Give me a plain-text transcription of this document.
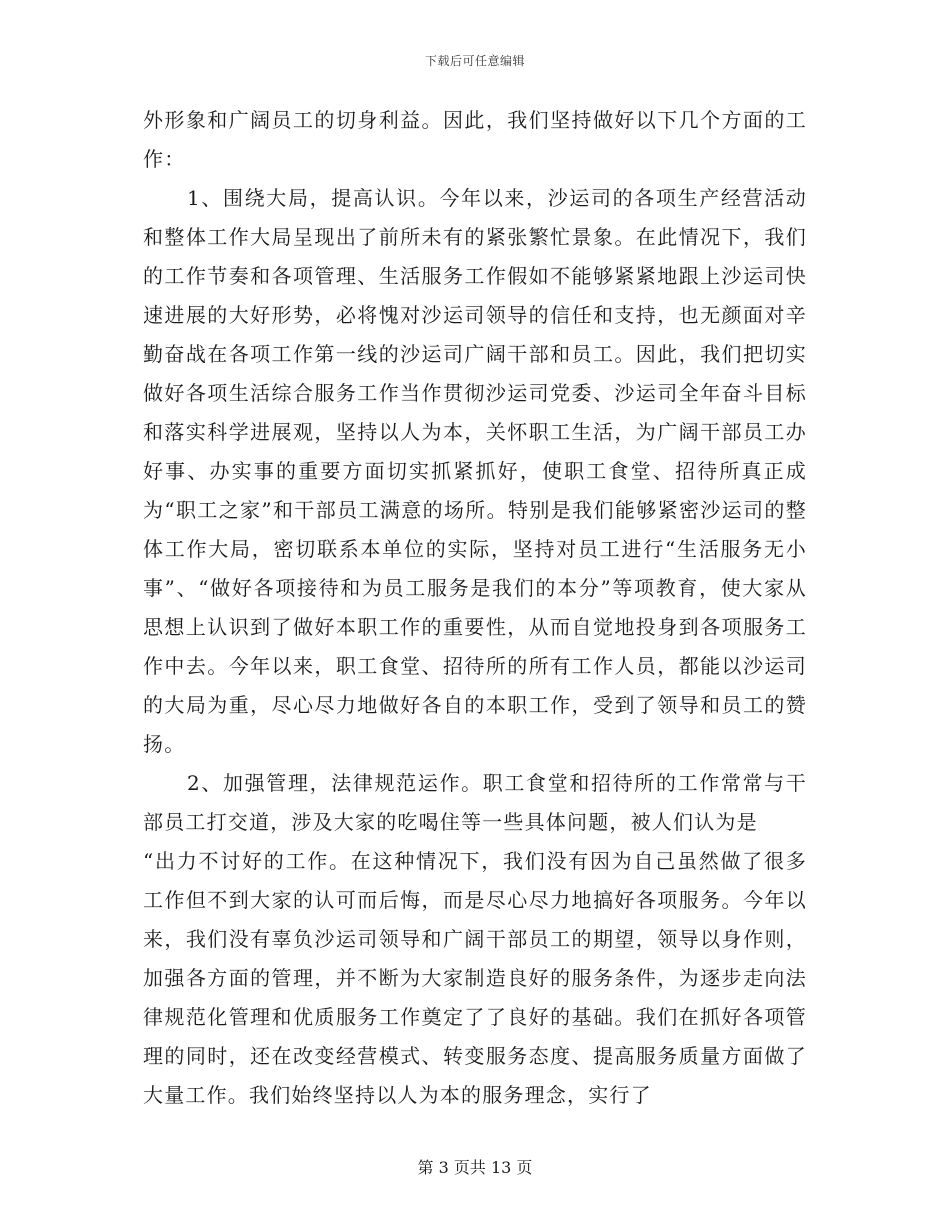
下载后可任意编辑

外形象和广阔员工的切身利益。因此，我们坚持做好以下几个方面的工作：

1、围绕大局，提高认识。今年以来，沙运司的各项生产经营活动和整体工作大局呈现出了前所未有的紧张繁忙景象。在此情况下，我们的工作节奏和各项管理、生活服务工作假如不能够紧紧地跟上沙运司快速进展的大好形势，必将愧对沙运司领导的信任和支持，也无颜面对辛勤奋战在各项工作第一线的沙运司广阔干部和员工。因此，我们把切实做好各项生活综合服务工作当作贯彻沙运司党委、沙运司全年奋斗目标和落实科学进展观，坚持以人为本，关怀职工生活，为广阔干部员工办好事、办实事的重要方面切实抓紧抓好，使职工食堂、招待所真正成为“职工之家”和干部员工满意的场所。特别是我们能够紧密沙运司的整体工作大局，密切联系本单位的实际，坚持对员工进行“生活服务无小事”、“做好各项接待和为员工服务是我们的本分”等项教育，使大家从思想上认识到了做好本职工作的重要性，从而自觉地投身到各项服务工作中去。今年以来，职工食堂、招待所的所有工作人员，都能以沙运司的大局为重，尽心尽力地做好各自的本职工作，受到了领导和员工的赞扬。

2、加强管理，法律规范运作。职工食堂和招待所的工作常常与干部员工打交道，涉及大家的吃喝住等一些具体问题，被人们认为是

“出力不讨好的工作。在这种情况下，我们没有因为自己虽然做了很多工作但不到大家的认可而后悔，而是尽心尽力地搞好各项服务。今年以来，我们没有辜负沙运司领导和广阔干部员工的期望，领导以身作则，加强各方面的管理，并不断为大家制造良好的服务条件，为逐步走向法律规范化管理和优质服务工作奠定了了良好的基础。我们在抓好各项管理的同时，还在改变经营模式、转变服务态度、提高服务质量方面做了大量工作。我们始终坚持以人为本的服务理念，实行了

第 3 页共 13 页
